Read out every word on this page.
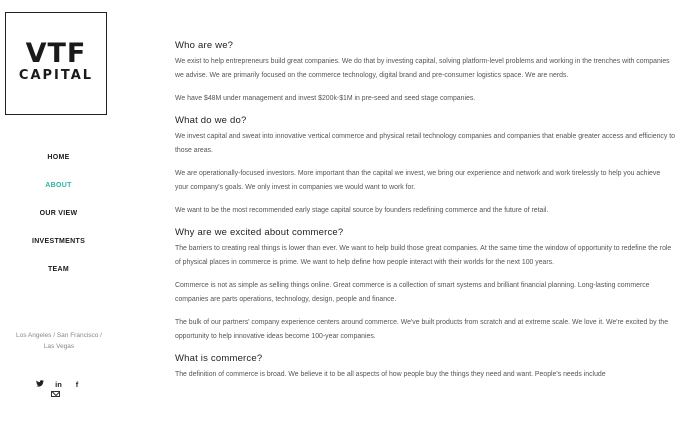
VTF
CAPITAL
HOME
ABOUT
OUR VIEW
INVESTMENTS
TEAM
Los Angeles / San Francisco /
Las Vegas
in f
Who are we?

We exist to help entrepreneurs build great companies. We do that by investing capital, solving platform-level problems and working in the trenches with companies we advise. We are primarily focused on the commerce technology, digital brand and pre-consumer logistics space. We are nerds.

We have $48M under management and invest $200k-$1M in pre-seed and seed stage companies.

What do we do?

We invest capital and sweat into innovative vertical commerce and physical retail technology companies and companies that enable greater access and efficiency to those areas.

We are operationally-focused investors. More important than the capital we invest, we bring our experience and network and work tirelessly to help you achieve your company's goals. We only invest in companies we would want to work for.

We want to be the most recommended early stage capital source by founders redefining commerce and the future of retail.

Why are we excited about commerce?

The barriers to creating real things is lower than ever. We want to help build those great companies. At the same time the window of opportunity to redefine the role of physical places in commerce is prime. We want to help define how people interact with their worlds for the next 100 years.

Commerce is not as simple as selling things online. Great commerce is a collection of smart systems and brilliant financial planning. Long-lasting commerce companies are parts operations, technology, design, people and finance.

The bulk of our partners' company experience centers around commerce. We've built products from scratch and at extreme scale. We love it. We're excited by the opportunity to help innovative ideas become 100-year companies.

What is commerce?

The definition of commerce is broad. We believe it to be all aspects of how people buy the things they need and want. People's needs include
